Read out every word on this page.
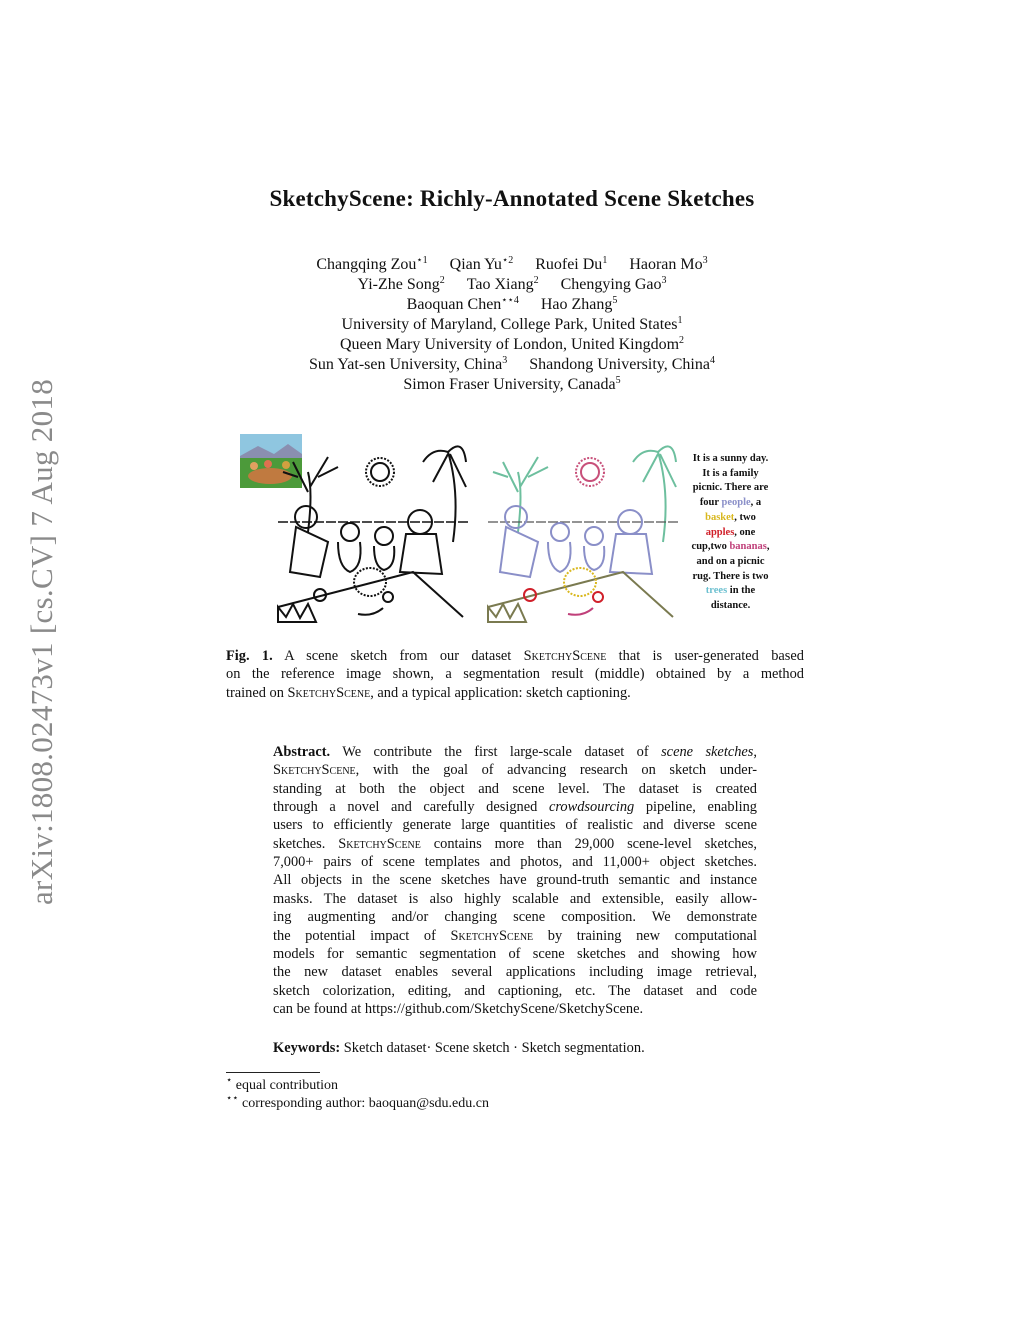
arXiv:1808.02473v1 [cs.CV] 7 Aug 2018
SketchyScene: Richly-Annotated Scene Sketches
Changqing Zou$^{⋆1}$ Qian $Yu^{⋆2}$ Ruofei Du$^1$ Haoran Mo$^3$
Yi-Zhe Song$^2$ Tao Xiang$^2$ Chengying Gao$^3$
Baoquan Chen$^{⋆⋆4}$ Hao Zhang$^5$
University of Maryland, College Park, United States$^1$
Queen Mary University of London, United Kingdom$^2$
Sun Yat-sen University, China$^3$ Shandong University, China$^4$
Simon Fraser University, Canada$^5$
It is a sunny day.
It is a family
picnic. There are
four people, a
basket, two
apples, one
cup,two bananas,
and on a picnic
rug. There is two
trees in the
distance.
Fig. 1. A scene sketch from our dataset SketchyScene that is user-generated based
on the reference image shown, a segmentation result (middle) obtained by a method
trained on SketchyScene, and a typical application: sketch captioning.
Abstract. We contribute the first large-scale dataset of scene sketches,
SketchyScene, with the goal of advancing research on sketch under-
standing at both the object and scene level. The dataset is created
through a novel and carefully designed crowdsourcing pipeline, enabling
users to efficiently generate large quantities of realistic and diverse scene
sketches. SketchyScene contains more than 29,000 scene-level sketches,
7,000+ pairs of scene templates and photos, and 11,000+ object sketches.
All objects in the scene sketches have ground-truth semantic and instance
masks. The dataset is also highly scalable and extensible, easily allow-
ing augmenting and/or changing scene composition. We demonstrate
the potential impact of SketchyScene by training new computational
models for semantic segmentation of scene sketches and showing how
the new dataset enables several applications including image retrieval,
sketch colorization, editing, and captioning, etc. The dataset and code
can be found at https://github.com/SketchyScene/SketchyScene.
Keywords: Sketch dataset· Scene sketch · Sketch segmentation.
⋆ equal contribution
⋆⋆ corresponding author: baoquan@sdu.edu.cn
